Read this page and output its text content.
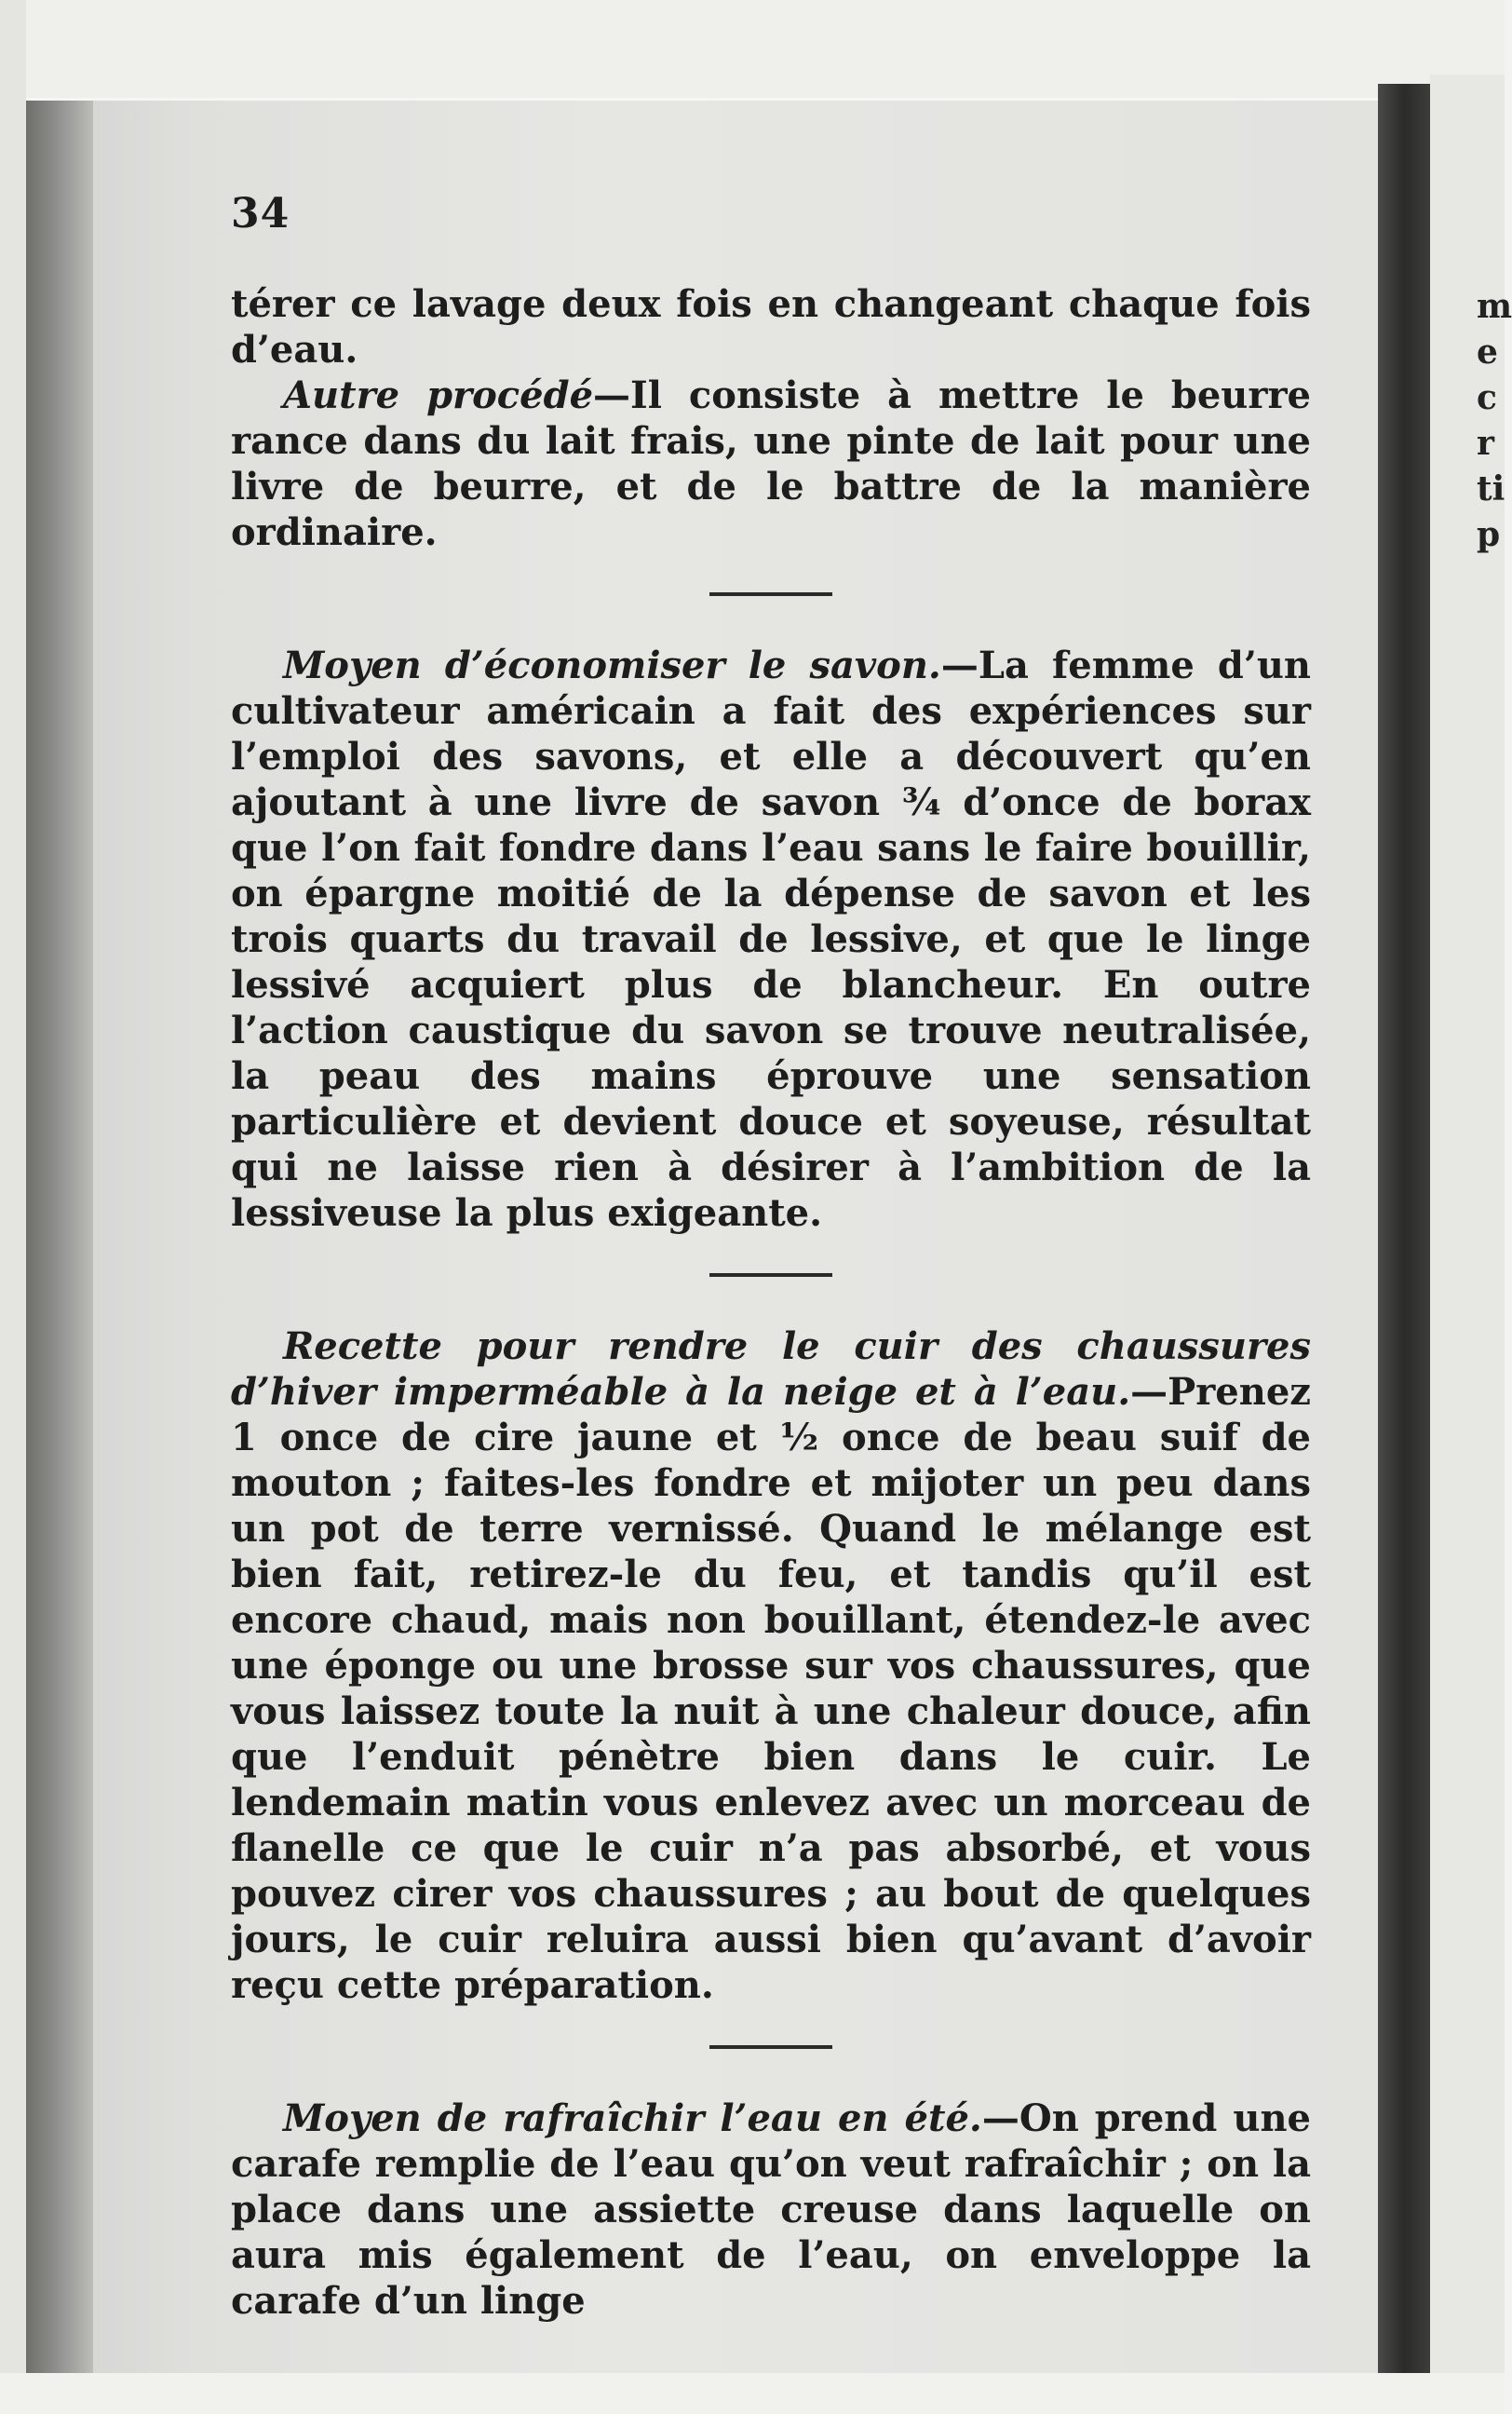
m
e
c
r
ti
p
34

térer ce lavage deux fois en changeant chaque fois d’eau.

Autre procédé—Il consiste à mettre le beurre rance dans du lait frais, une pinte de lait pour une livre de beurre, et de le battre de la manière ordinaire.

Moyen d’économiser le savon.—La femme d’un cultivateur américain a fait des expériences sur l’emploi des savons, et elle a découvert qu’en ajoutant à une livre de savon ¾ d’once de borax que l’on fait fondre dans l’eau sans le faire bouillir, on épargne moitié de la dépense de savon et les trois quarts du travail de lessive, et que le linge lessivé acquiert plus de blancheur. En outre l’action caustique du savon se trouve neutralisée, la peau des mains éprouve une sensation particulière et devient douce et soyeuse, résultat qui ne laisse rien à désirer à l’ambition de la lessiveuse la plus exigeante.

Recette pour rendre le cuir des chaussures d’hiver imperméable à la neige et à l’eau.—Prenez 1 once de cire jaune et ½ once de beau suif de mouton ; faites-les fondre et mijoter un peu dans un pot de terre vernissé. Quand le mélange est bien fait, retirez-le du feu, et tandis qu’il est encore chaud, mais non bouillant, étendez-le avec une éponge ou une brosse sur vos chaussures, que vous laissez toute la nuit à une chaleur douce, afin que l’enduit pénètre bien dans le cuir. Le lendemain matin vous enlevez avec un morceau de flanelle ce que le cuir n’a pas absorbé, et vous pouvez cirer vos chaussures ; au bout de quelques jours, le cuir reluira aussi bien qu’avant d’avoir reçu cette préparation.

Moyen de rafraîchir l’eau en été.—On prend une carafe remplie de l’eau qu’on veut rafraîchir ; on la place dans une assiette creuse dans laquelle on aura mis également de l’eau, on enveloppe la carafe d’un linge
